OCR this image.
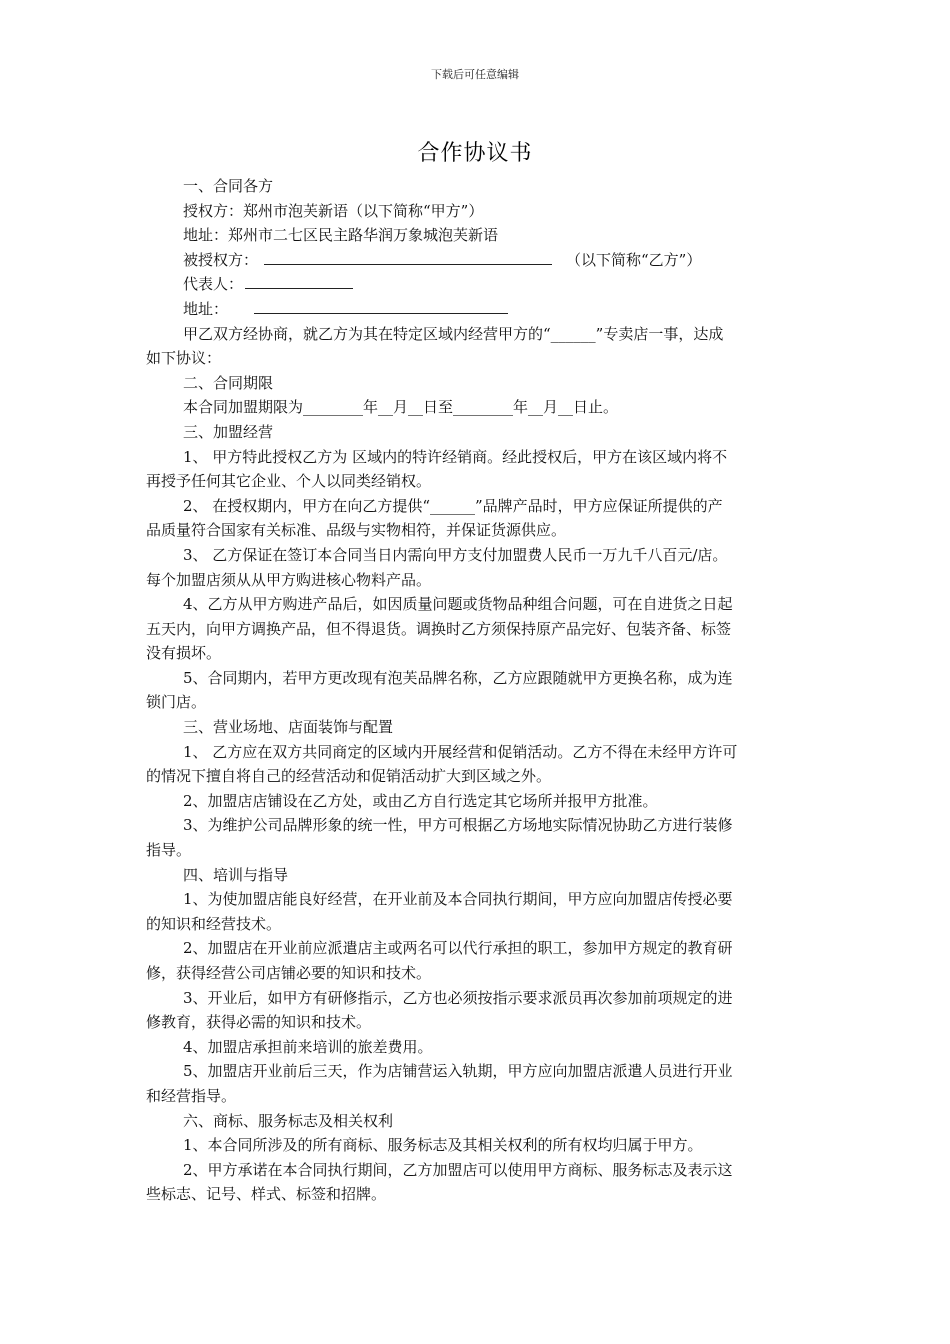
下载后可任意编辑
合作协议书

一、合同各方

授权方：郑州市泡芙新语（以下简称“甲方”）

地址：郑州市二七区民主路华润万象城泡芙新语

被授权方：	（以下简称“乙方”）

代表人：

地址：

甲乙双方经协商，就乙方为其在特定区域内经营甲方的“______”专卖店一事，达成

如下协议：

二、合同期限

本合同加盟期限为________年__月__日至________年__月__日止。

三、加盟经营

1、 甲方特此授权乙方为 区域内的特许经销商。经此授权后，甲方在该区域内将不

再授予任何其它企业、个人以同类经销权。

2、 在授权期内，甲方在向乙方提供“______”品牌产品时，甲方应保证所提供的产

品质量符合国家有关标准、品级与实物相符，并保证货源供应。

3、 乙方保证在签订本合同当日内需向甲方支付加盟费人民币一万九千八百元/店。

每个加盟店须从从甲方购进核心物料产品。

4、乙方从甲方购进产品后，如因质量问题或货物品种组合问题，可在自进货之日起

五天内，向甲方调换产品，但不得退货。调换时乙方须保持原产品完好、包装齐备、标签

没有损坏。

5、合同期内，若甲方更改现有泡芙品牌名称，乙方应跟随就甲方更换名称，成为连

锁门店。

三、营业场地、店面装饰与配置

1、 乙方应在双方共同商定的区域内开展经营和促销活动。乙方不得在未经甲方许可

的情况下擅自将自己的经营活动和促销活动扩大到区域之外。

2、加盟店店铺设在乙方处，或由乙方自行选定其它场所并报甲方批准。

3、为维护公司品牌形象的统一性，甲方可根据乙方场地实际情况协助乙方进行装修

指导。

四、培训与指导

1、为使加盟店能良好经营，在开业前及本合同执行期间，甲方应向加盟店传授必要

的知识和经营技术。

2、加盟店在开业前应派遣店主或两名可以代行承担的职工，参加甲方规定的教育研

修，获得经营公司店铺必要的知识和技术。

3、开业后，如甲方有研修指示，乙方也必须按指示要求派员再次参加前项规定的进

修教育，获得必需的知识和技术。

4、加盟店承担前来培训的旅差费用。

5、加盟店开业前后三天，作为店铺营运入轨期，甲方应向加盟店派遣人员进行开业

和经营指导。

六、商标、服务标志及相关权利

1、本合同所涉及的所有商标、服务标志及其相关权利的所有权均归属于甲方。

2、甲方承诺在本合同执行期间，乙方加盟店可以使用甲方商标、服务标志及表示这

些标志、记号、样式、标签和招牌。
